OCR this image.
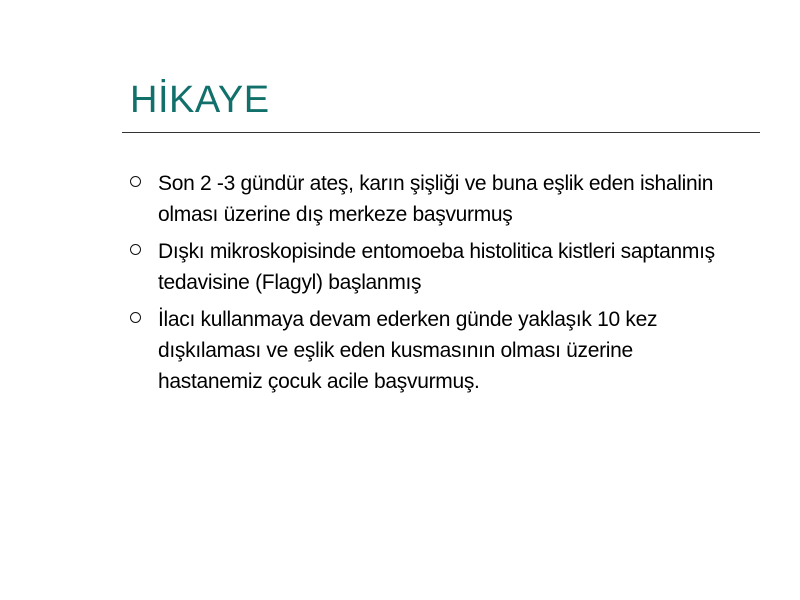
HİKAYE
Son 2 -3 gündür ateş, karın şişliği ve buna eşlik eden ishalinin olması üzerine dış merkeze başvurmuş
Dışkı mikroskopisinde entomoeba histolitica kistleri saptanmış tedavisine (Flagyl) başlanmış
İlacı kullanmaya devam ederken günde yaklaşık 10 kez dışkılaması ve eşlik eden kusmasının olması üzerine hastanemiz çocuk acile başvurmuş.
